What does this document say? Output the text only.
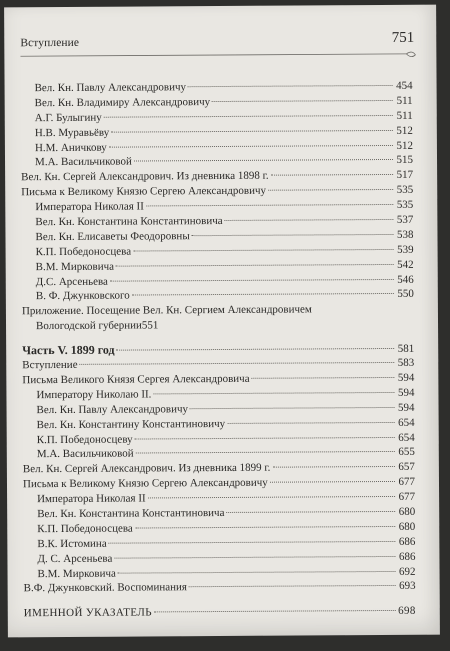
Вступление	751
Вел. Кн. Павлу Александровичу	454
Вел. Кн. Владимиру Александровичу	511
А.Г. Булыгину	511
Н.В. Муравьёву	512
Н.М. Аничкову	512
М.А. Васильчиковой	515
Вел. Кн. Сергей Александрович. Из дневника 1898 г.	517
Письма к Великому Князю Сергею Александровичу	535
Императора Николая II	535
Вел. Кн. Константина Константиновича	537
Вел. Кн. Елисаветы Феодоровны	538
К.П. Победоносцева	539
В.М. Мирковича	542
Д.С. Арсеньева	546
В. Ф. Джунковского	550
Приложение. Посещение Вел. Кн. Сергием Александровичем
Вологодской губернии 551
Часть V. 1899 год	581
Вступление	583
Письма Великого Князя Сергея Александровича	594
Императору Николаю II.	594
Вел. Кн. Павлу Александровичу	594
Вел. Кн. Константину Константиновичу	654
К.П. Победоносцеву	654
М.А. Васильчиковой	655
Вел. Кн. Сергей Александрович. Из дневника 1899 г.	657
Письма к Великому Князю Сергею Александровичу	677
Императора Николая II	677
Вел. Кн. Константина Константиновича	680
К.П. Победоносцева	680
В.К. Истомина	686
Д. С. Арсеньева	686
В.М. Мирковича	692
В.Ф. Джунковский. Воспоминания	693
ИМЕННОЙ УКАЗАТЕЛЬ	698
